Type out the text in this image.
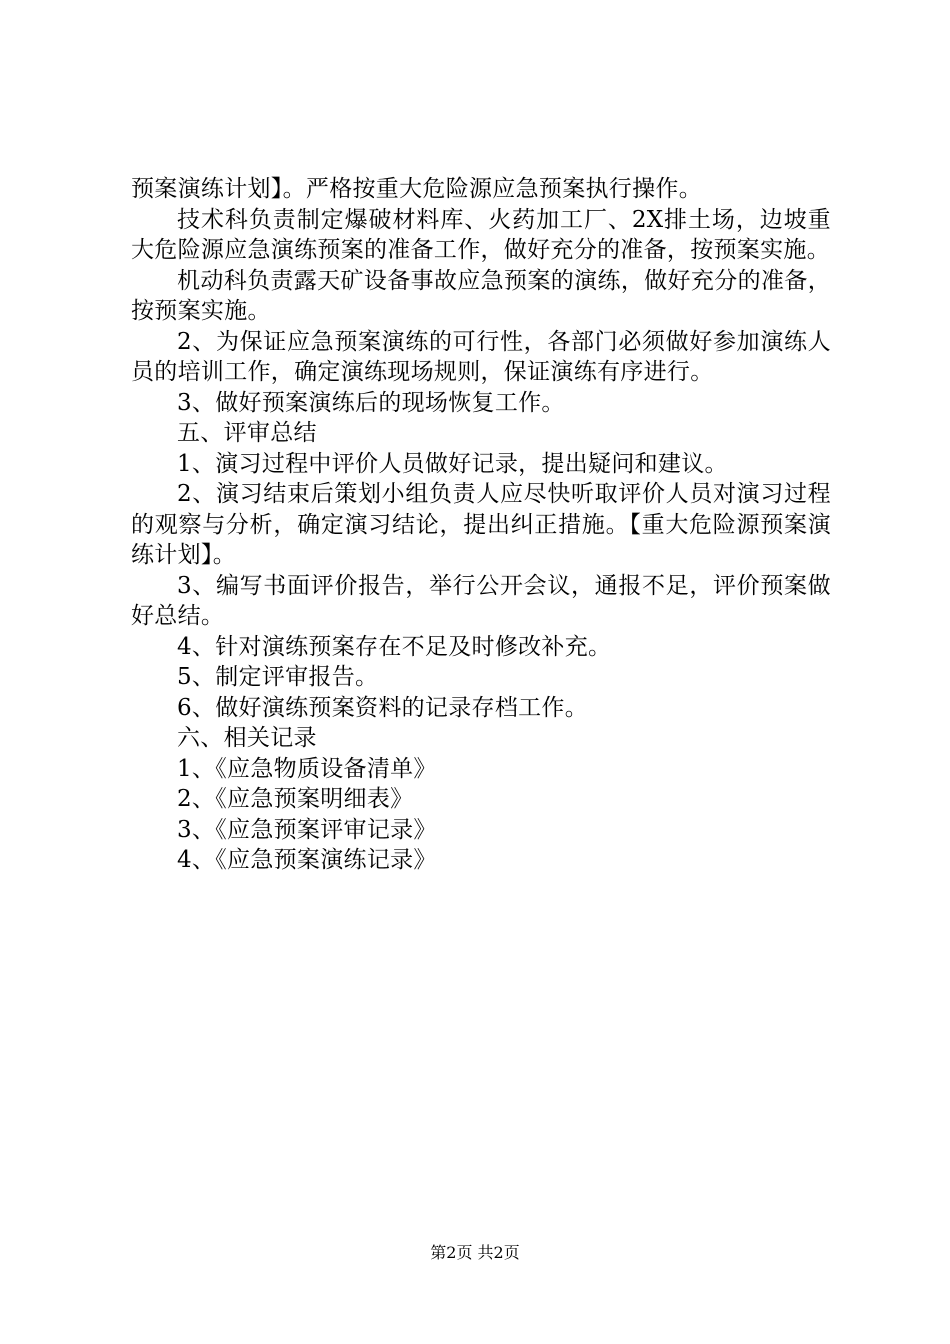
预案演练计划】。严格按重大危险源应急预案执行操作。

技术科负责制定爆破材料库、火药加工厂、2X排土场，边坡重大危险源应急演练预案的准备工作，做好充分的准备，按预案实施。

机动科负责露天矿设备事故应急预案的演练，做好充分的准备，按预案实施。

2、为保证应急预案演练的可行性，各部门必须做好参加演练人员的培训工作，确定演练现场规则，保证演练有序进行。

3、做好预案演练后的现场恢复工作。

五、评审总结

1、演习过程中评价人员做好记录，提出疑问和建议。

2、演习结束后策划小组负责人应尽快听取评价人员对演习过程的观察与分析，确定演习结论，提出纠正措施。【重大危险源预案演练计划】。

3、编写书面评价报告，举行公开会议，通报不足，评价预案做好总结。

4、针对演练预案存在不足及时修改补充。

5、制定评审报告。

6、做好演练预案资料的记录存档工作。

六、相关记录

1、《应急物质设备清单》

2、《应急预案明细表》

3、《应急预案评审记录》

4、《应急预案演练记录》

第2页 共2页
